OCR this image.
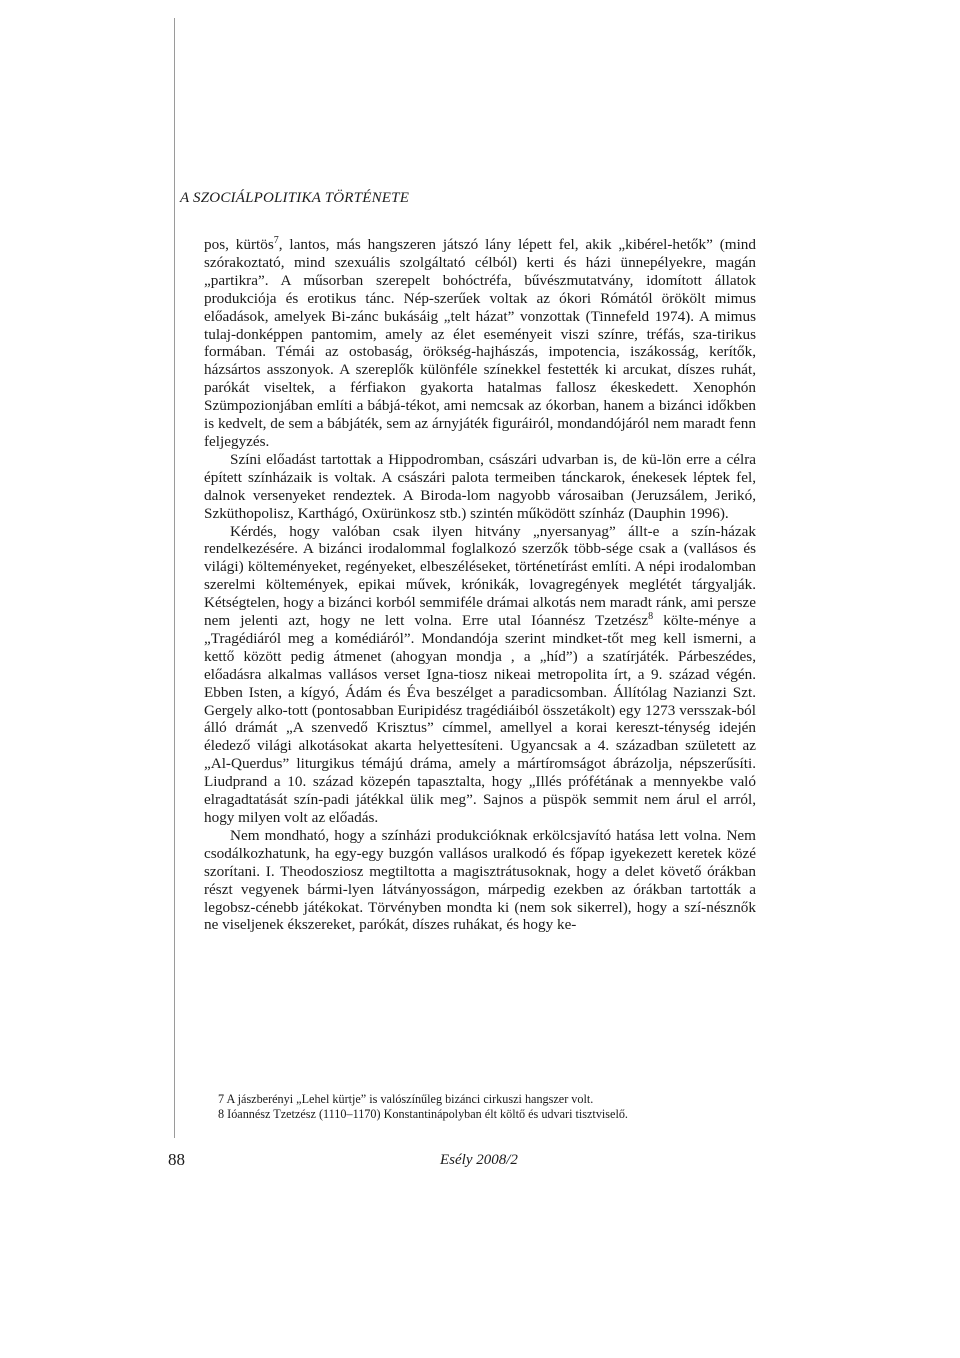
A SZOCIÁLPOLITIKA TÖRTÉNETE

pos, kürtös$^7$, lantos, más hangszeren játszó lány lépett fel, akik „kibérel-hetők” (mind szórakoztató, mind szexuális szolgáltató célból) kerti és házi ünnepélyekre, magán „partikra”. A műsorban szerepelt bohóctréfa, bűvészmutatvány, idomított állatok produkciója és erotikus tánc. Nép-szerűek voltak az ókori Rómától örökölt mimus előadások, amelyek Bi-zánc bukásáig „telt házat” vonzottak (Tinnefeld 1974). A mimus tulaj-donképpen pantomim, amely az élet eseményeit viszi színre, tréfás, sza-tirikus formában. Témái az ostobaság, örökség-hajhászás, impotencia, iszákosság, kerítők, házsártos asszonyok. A szereplők különféle színekkel festették ki arcukat, díszes ruhát, parókát viseltek, a férfiakon gyakorta hatalmas fallosz ékeskedett. Xenophón Szümpozionjában említi a bábjá-tékot, ami nemcsak az ókorban, hanem a bizánci időkben is kedvelt, de sem a bábjáték, sem az árnyjáték figuráiról, mondandójáról nem maradt fenn feljegyzés.

Színi előadást tartottak a Hippodromban, császári udvarban is, de kü-lön erre a célra épített színházaik is voltak. A császári palota termeiben tánckarok, énekesek léptek fel, dalnok versenyeket rendeztek. A Biroda-lom nagyobb városaiban (Jeruzsálem, Jerikó, Szküthopolisz, Karthágó, Oxürünkosz stb.) szintén működött színház (Dauphin 1996).

Kérdés, hogy valóban csak ilyen hitvány „nyersanyag” állt-e a szín-házak rendelkezésére. A bizánci irodalommal foglalkozó szerzők több-sége csak a (vallásos és világi) költeményeket, regényeket, elbeszéléseket, történetírást említi. A népi irodalomban szerelmi költemények, epikai művek, krónikák, lovagregények meglétét tárgyalják. Kétségtelen, hogy a bizánci korból semmiféle drámai alkotás nem maradt ránk, ami persze nem jelenti azt, hogy ne lett volna. Erre utal Ióannész Tzetzész$^8$ költe-ménye a „Tragédiáról meg a komédiáról”. Mondandója szerint mindket-tőt meg kell ismerni, a kettő között pedig átmenet (ahogyan mondja , a „híd”) a szatírjáték. Párbeszédes, előadásra alkalmas vallásos verset Igna-tiosz nikeai metropolita írt, a 9. század végén. Ebben Isten, a kígyó, Ádám és Éva beszélget a paradicsomban. Állítólag Nazianzi Szt. Gergely alko-tott (pontosabban Euripidész tragédiáiból összetákolt) egy 1273 versszak-ból álló drámát „A szenvedő Krisztus” címmel, amellyel a korai kereszt-ténység idején éledező világi alkotásokat akarta helyettesíteni. Ugyancsak a 4. században született az „Al-Querdus” liturgikus témájú dráma, amely a mártíromságot ábrázolja, népszerűsíti. Liudprand a 10. század közepén tapasztalta, hogy „Illés prófétának a mennyekbe való elragadtatását szín-padi játékkal ülik meg”. Sajnos a püspök semmit nem árul el arról, hogy milyen volt az előadás.

Nem mondható, hogy a színházi produkcióknak erkölcsjavító hatása lett volna. Nem csodálkozhatunk, ha egy-egy buzgón vallásos uralkodó és főpap igyekezett keretek közé szorítani. I. Theodosziosz megtiltotta a magisztrátusoknak, hogy a delet követő órákban részt vegyenek bármi-lyen látványosságon, márpedig ezekben az órákban tartották a legobsz-cénebb játékokat. Törvényben mondta ki (nem sok sikerrel), hogy a szí-nésznők ne viseljenek ékszereket, parókát, díszes ruhákat, és hogy ke-

7 A jászberényi „Lehel kürtje” is valószínűleg bizánci cirkuszi hangszer volt.
8 Ióannész Tzetzész (1110–1170) Konstantinápolyban élt költő és udvari tisztviselő.
88	Esély 2008/2
